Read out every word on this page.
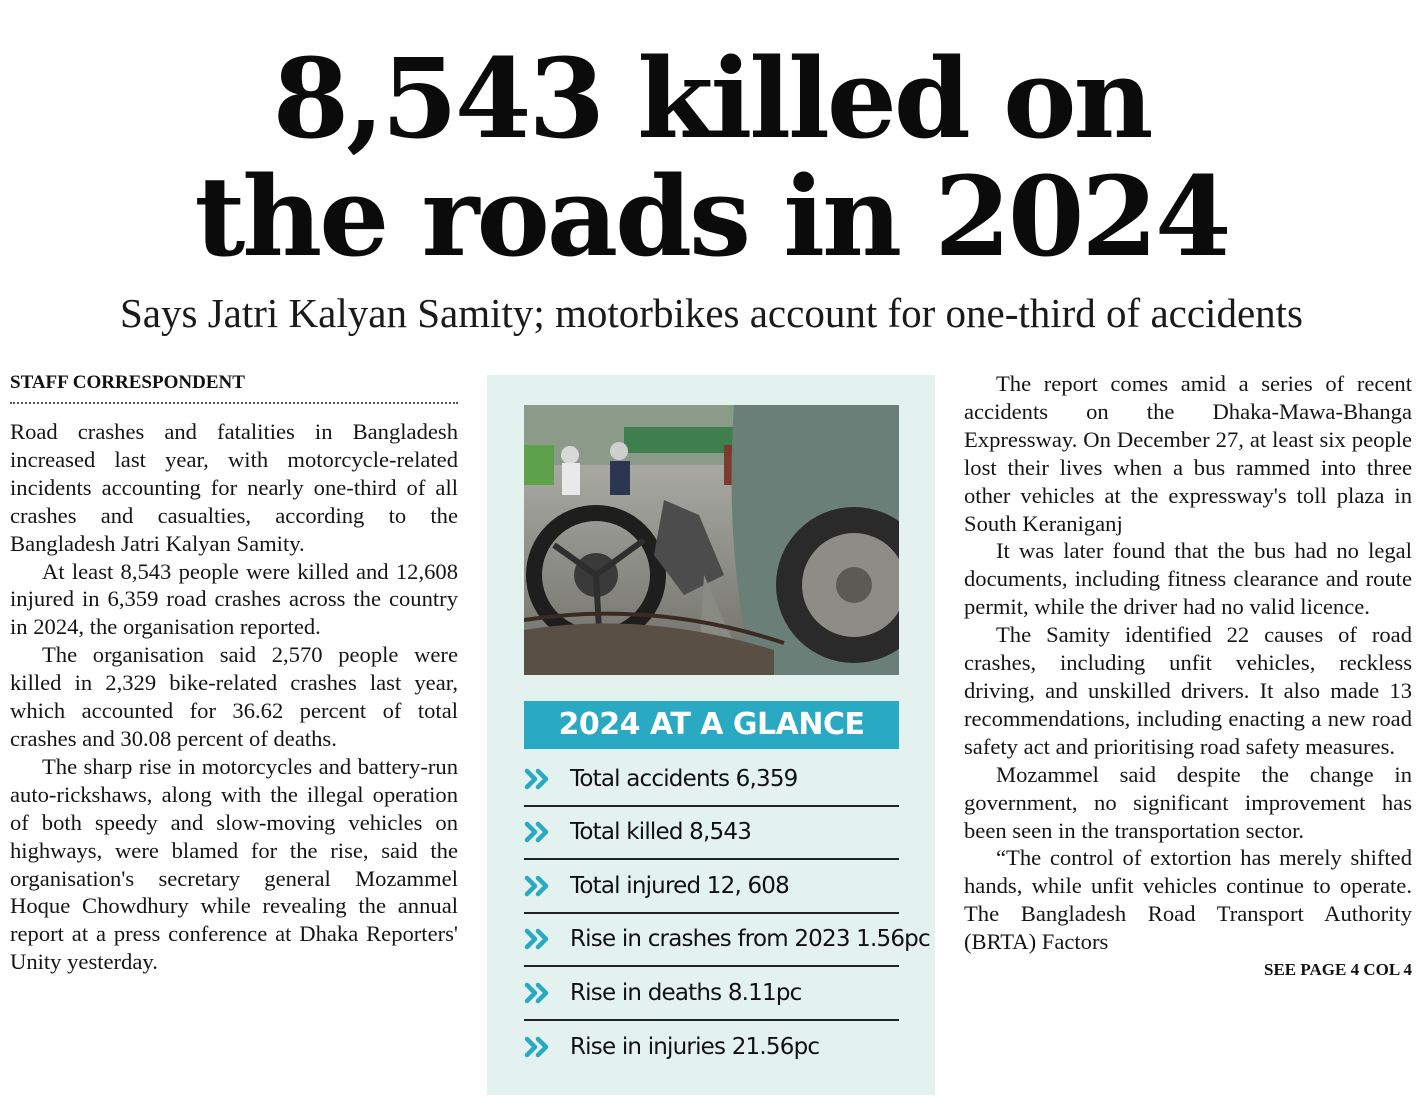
8,543 killed on
the roads in 2024

Says Jatri Kalyan Samity; motorbikes account for one-third of accidents

STAFF CORRESPONDENT

Road crashes and fatalities in Bangladesh increased last year, with motorcycle-related incidents accounting for nearly one-third of all crashes and casualties, according to the Bangladesh Jatri Kalyan Samity.

At least 8,543 people were killed and 12,608 injured in 6,359 road crashes across the country in 2024, the organisation reported.

The organisation said 2,570 people were killed in 2,329 bike-related crashes last year, which accounted for 36.62 percent of total crashes and 30.08 percent of deaths.

The sharp rise in motorcycles and battery-run auto-rickshaws, along with the illegal operation of both speedy and slow-moving vehicles on highways, were blamed for the rise, said the organisation's secretary general Mozammel Hoque Chowdhury while revealing the annual report at a press conference at Dhaka Reporters' Unity yesterday.

2024 AT A GLANCE
Total accidents 6,359
Total killed 8,543
Total injured 12, 608
Rise in crashes from 2023 1.56pc
Rise in deaths 8.11pc
Rise in injuries 21.56pc

The report comes amid a series of recent accidents on the Dhaka-Mawa-Bhanga Expressway. On December 27, at least six people lost their lives when a bus rammed into three other vehicles at the expressway's toll plaza in South Keraniganj

It was later found that the bus had no legal documents, including fitness clearance and route permit, while the driver had no valid licence.

The Samity identified 22 causes of road crashes, including unfit vehicles, reckless driving, and unskilled drivers. It also made 13 recommendations, including enacting a new road safety act and prioritising road safety measures.

Mozammel said despite the change in government, no significant improvement has been seen in the transportation sector.

“The control of extortion has merely shifted hands, while unfit vehicles continue to operate. The Bangladesh Road Transport Authority (BRTA) Factors

SEE PAGE 4 COL 4
